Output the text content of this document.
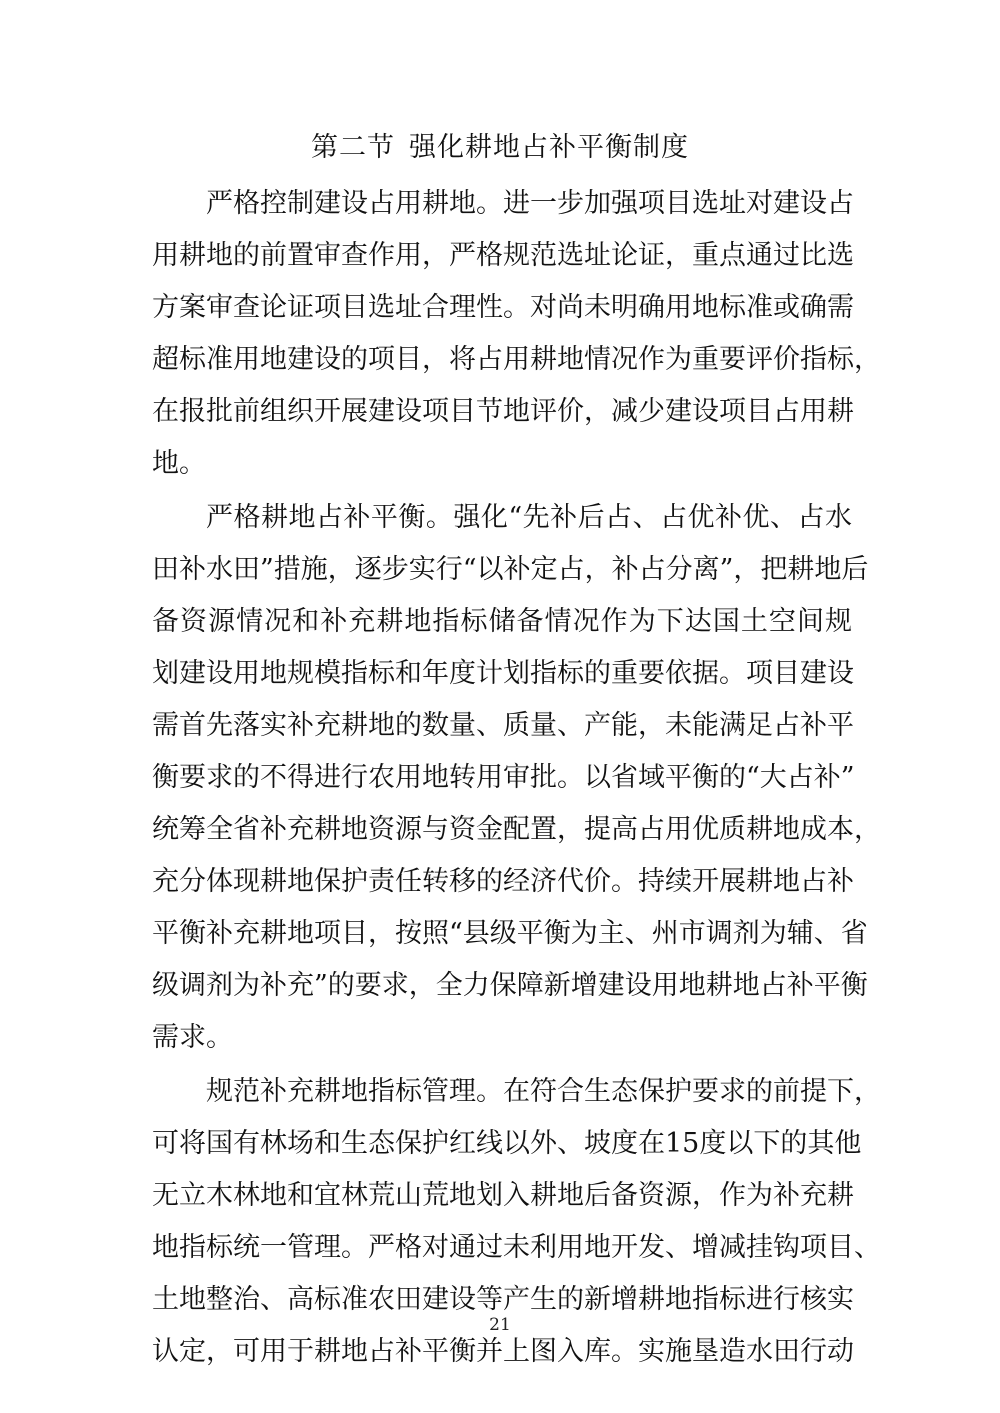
第二节 强化耕地占补平衡制度
严格控制建设占用耕地。进一步加强项目选址对建设占
用耕地的前置审查作用，严格规范选址论证，重点通过比选
方案审查论证项目选址合理性。对尚未明确用地标准或确需
超标准用地建设的项目，将占用耕地情况作为重要评价指标，
在报批前组织开展建设项目节地评价，减少建设项目占用耕
地。
严格耕地占补平衡。强化“先补后占、占优补优、占水
田补水田”措施，逐步实行“以补定占，补占分离”，把耕地后
备资源情况和补充耕地指标储备情况作为下达国土空间规
划建设用地规模指标和年度计划指标的重要依据。项目建设
需首先落实补充耕地的数量、质量、产能，未能满足占补平
衡要求的不得进行农用地转用审批。以省域平衡的“大占补”
统筹全省补充耕地资源与资金配置，提高占用优质耕地成本，
充分体现耕地保护责任转移的经济代价。持续开展耕地占补
平衡补充耕地项目，按照“县级平衡为主、州市调剂为辅、省
级调剂为补充”的要求，全力保障新增建设用地耕地占补平衡
需求。
规范补充耕地指标管理。在符合生态保护要求的前提下，
可将国有林场和生态保护红线以外、坡度在15度以下的其他
无立木林地和宜林荒山荒地划入耕地后备资源，作为补充耕
地指标统一管理。严格对通过未利用地开发、增减挂钩项目、
土地整治、高标准农田建设等产生的新增耕地指标进行核实
认定，可用于耕地占补平衡并上图入库。实施垦造水田行动
21
